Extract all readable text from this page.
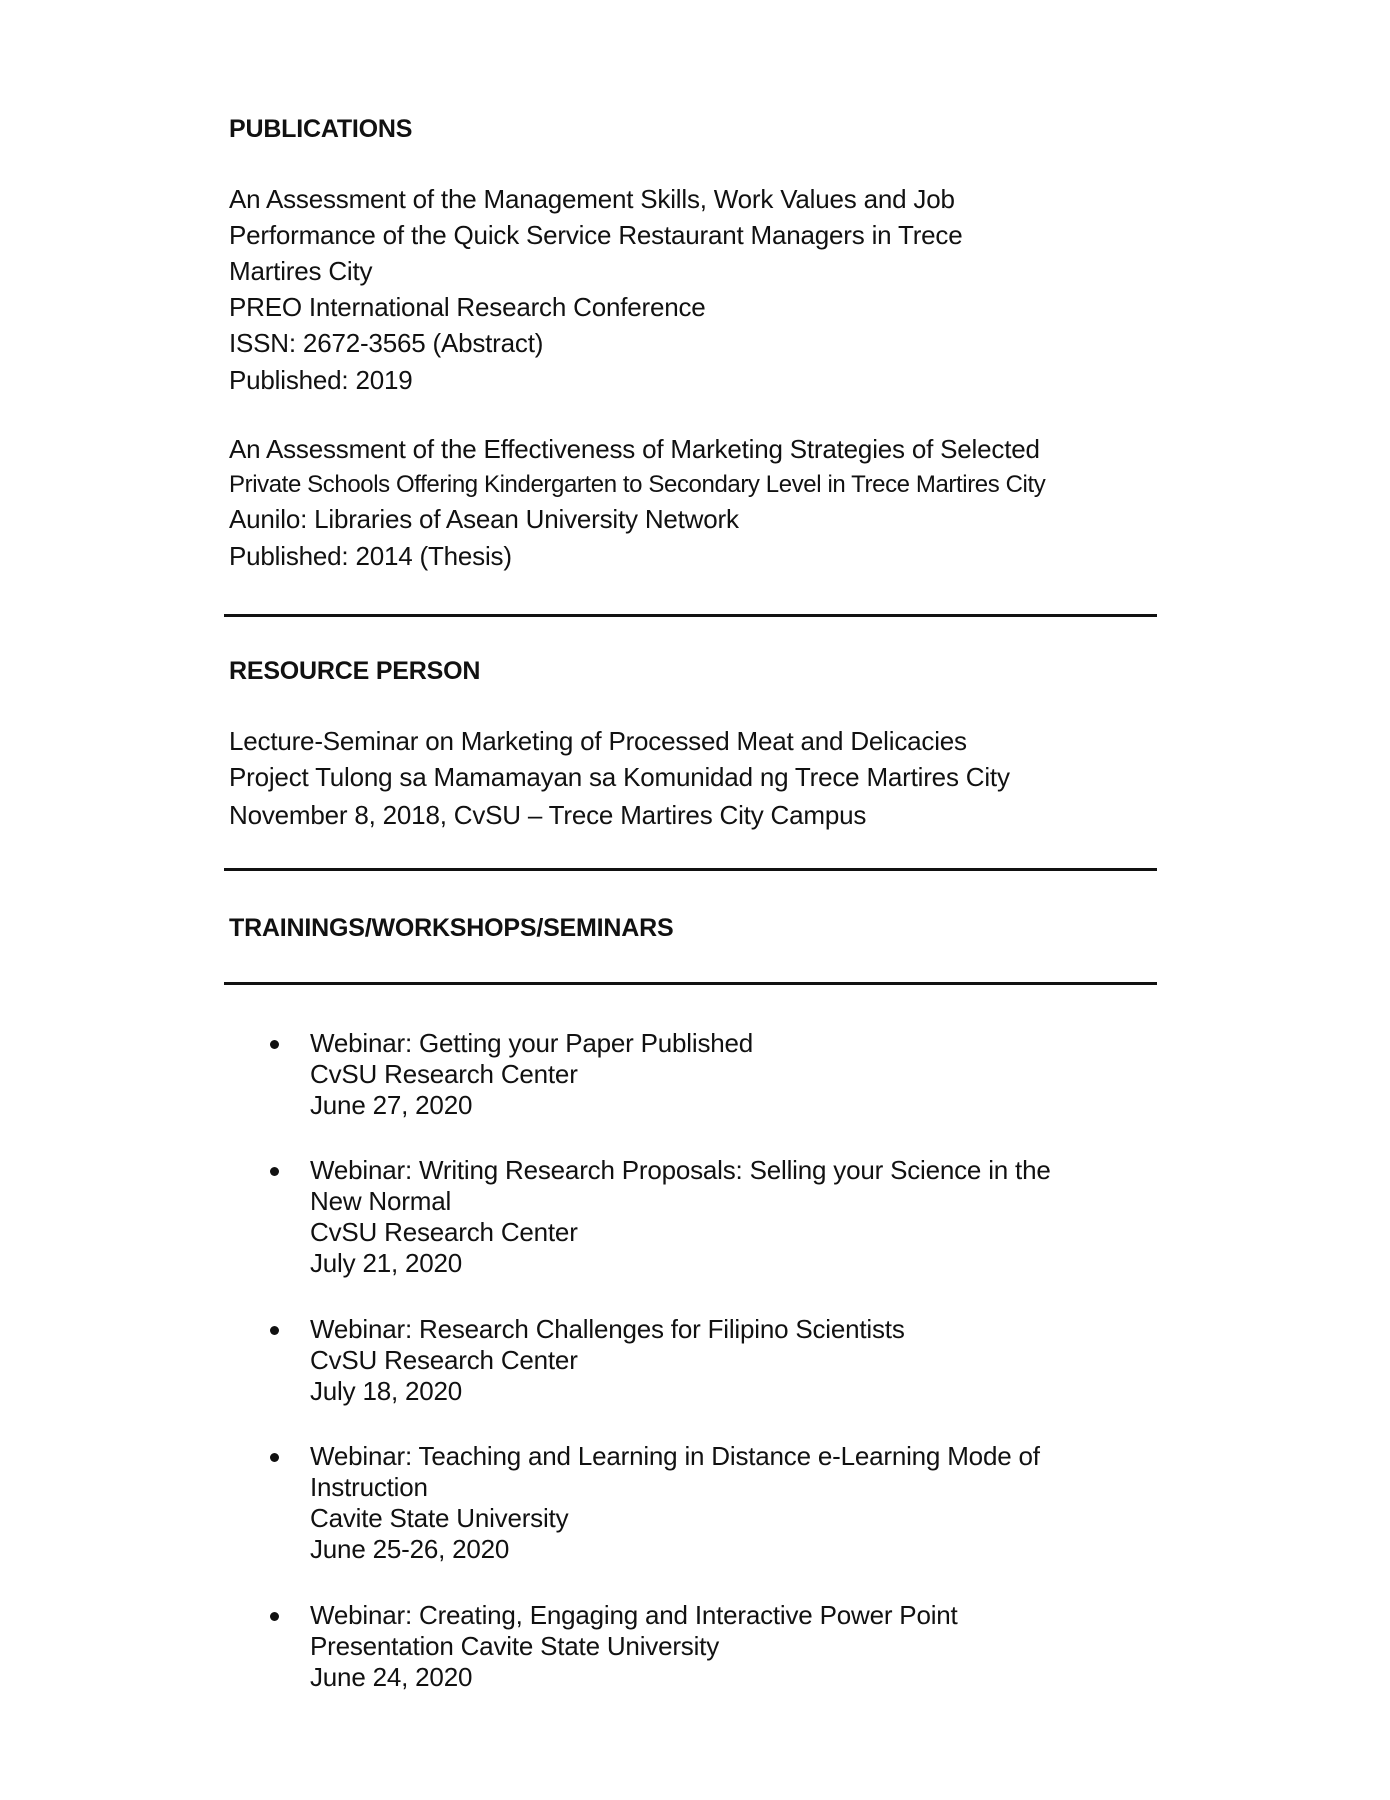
PUBLICATIONS
An Assessment of the Management Skills, Work Values and Job
Performance of the Quick Service Restaurant Managers in Trece
Martires City
PREO International Research Conference
ISSN: 2672-3565 (Abstract)
Published: 2019
An Assessment of the Effectiveness of Marketing Strategies of Selected
Private Schools Offering Kindergarten to Secondary Level in Trece Martires City
Aunilo: Libraries of Asean University Network
Published: 2014 (Thesis)
RESOURCE PERSON
Lecture-Seminar on Marketing of Processed Meat and Delicacies
Project Tulong sa Mamamayan sa Komunidad ng Trece Martires City
November 8, 2018, CvSU – Trece Martires City Campus
TRAININGS/WORKSHOPS/SEMINARS
Webinar: Getting your Paper Published
CvSU Research Center
June 27, 2020
Webinar: Writing Research Proposals: Selling your Science in the
New Normal
CvSU Research Center
July 21, 2020
Webinar: Research Challenges for Filipino Scientists
CvSU Research Center
July 18, 2020
Webinar: Teaching and Learning in Distance e-Learning Mode of
Instruction
Cavite State University
June 25-26, 2020
Webinar: Creating, Engaging and Interactive Power Point
Presentation Cavite State University
June 24, 2020
